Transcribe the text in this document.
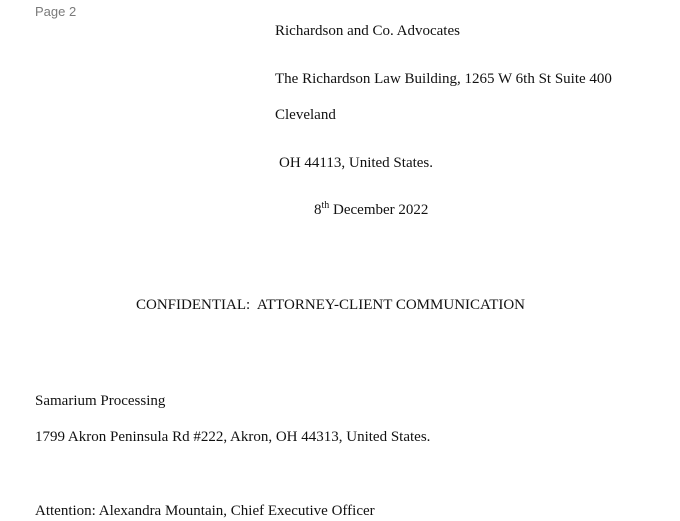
Page 2
Richardson and Co. Advocates
The Richardson Law Building, 1265 W 6th St Suite 400
Cleveland
OH 44113, United States.
8th December 2022
CONFIDENTIAL:  ATTORNEY-CLIENT COMMUNICATION
Samarium Processing
1799 Akron Peninsula Rd #222, Akron, OH 44313, United States.
Attention: Alexandra Mountain, Chief Executive Officer
